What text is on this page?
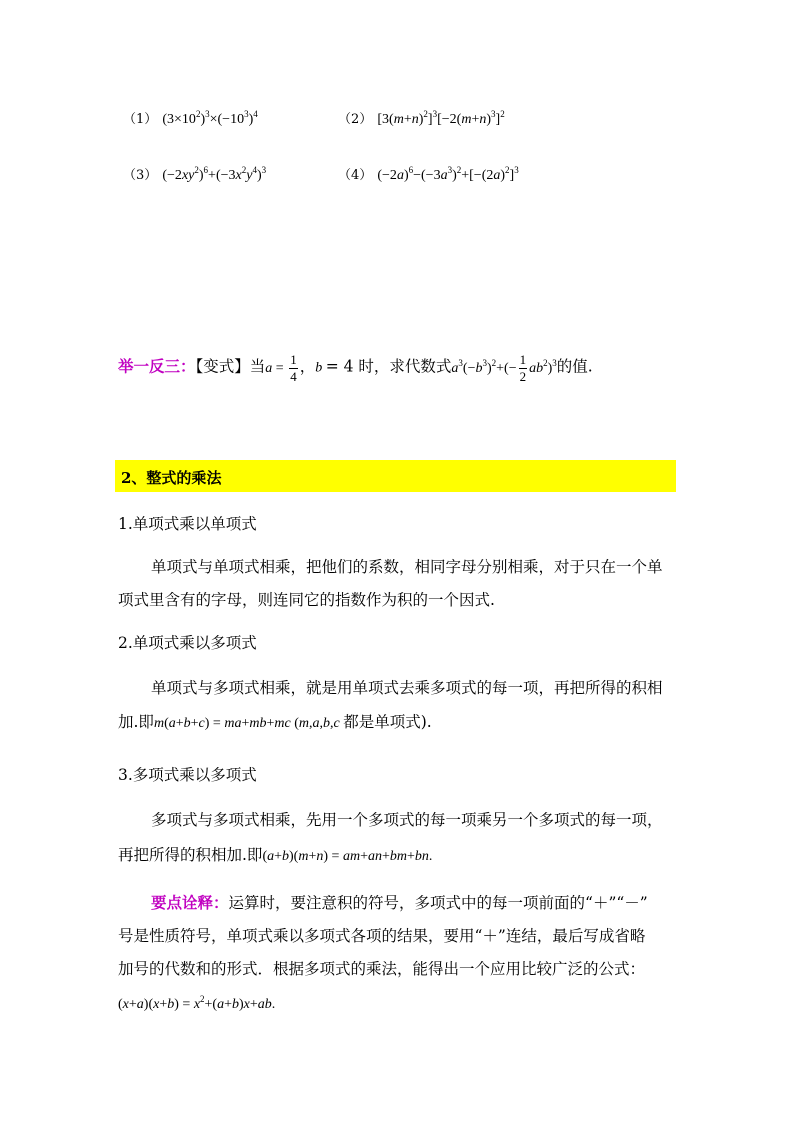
（1） $(3\times 10^2)^3\times(-10^3)^4$	（2） $[3(m+n)^2]^3[-2(m+n)^3]^2$
（3） $(-2xy^2)^6+(-3x^2y^4)^3$	（4） $(-2a)^6-(-3a^3)^2+[-(2a)^2]^3$
举一反三：【变式】当$a = \frac{1}{4}$ ，b = 4 时，求代数式$a^3(-b^3)^2+(- \frac{1}{2} ab^2)^3$的值.
2、整式的乘法
1.单项式乘以单项式
单项式与单项式相乘，把他们的系数，相同字母分别相乘，对于只在一个单
项式里含有的字母，则连同它的指数作为积的一个因式.
2.单项式乘以多项式
单项式与多项式相乘，就是用单项式去乘多项式的每一项，再把所得的积相
加.即m(a+b+c) = ma+mb+mc (m,a,b,c 都是单项式).
3.多项式乘以多项式
多项式与多项式相乘，先用一个多项式的每一项乘另一个多项式的每一项，
再把所得的积相加.即(a+b)(m+n) = am+an+bm+bn.
要点诠释：运算时，要注意积的符号，多项式中的每一项前面的“＋”“－”
号是性质符号，单项式乘以多项式各项的结果，要用“＋”连结，最后写成省略
加号的代数和的形式．根据多项式的乘法，能得出一个应用比较广泛的公式：
$(x+a)(x+b) = x^2+(a+b)x+ab$.
